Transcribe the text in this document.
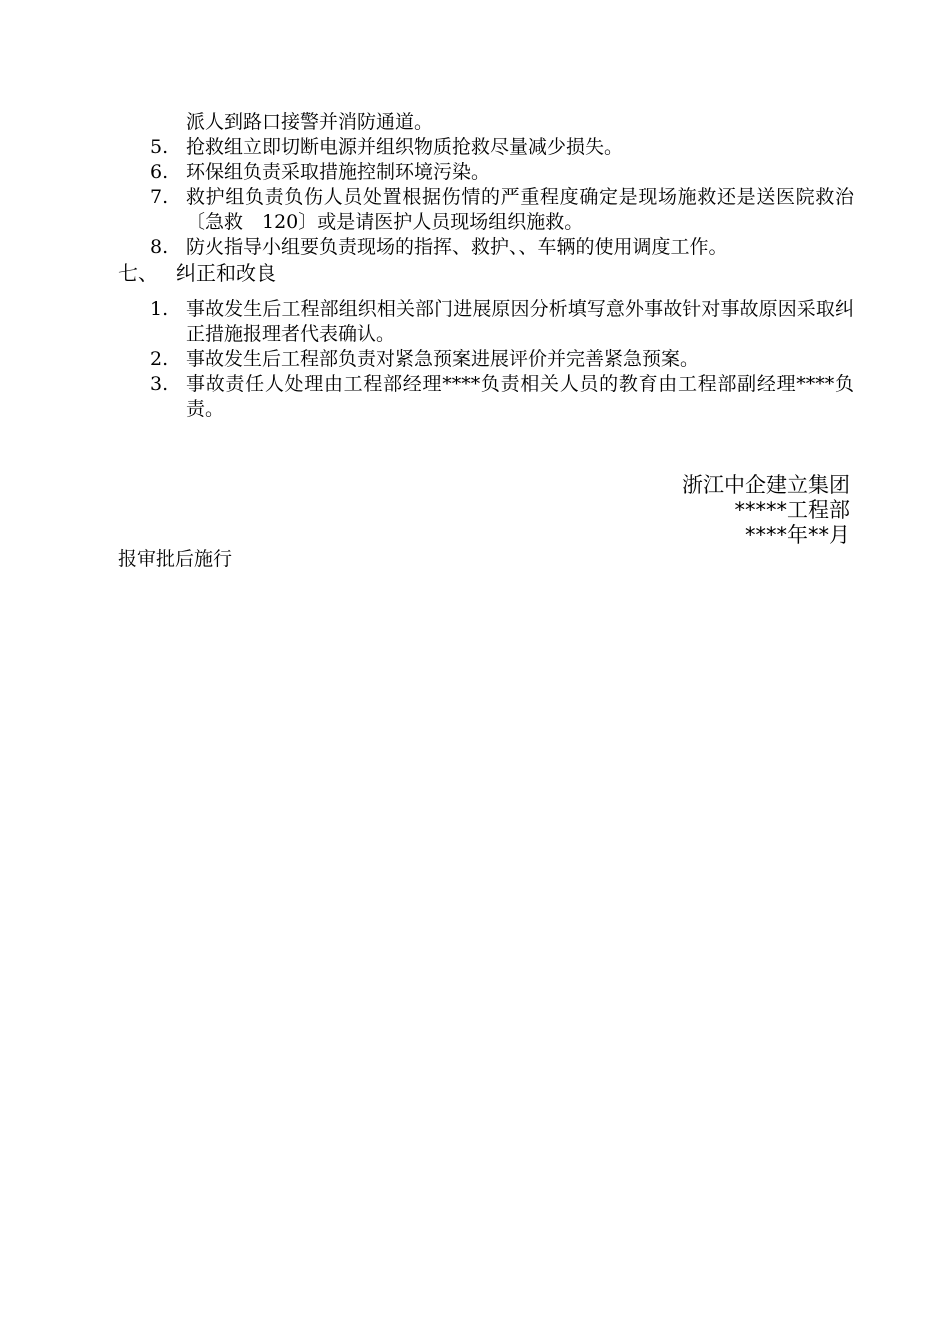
派人到路口接警并消防通道。
5. 抢救组立即切断电源并组织物质抢救尽量减少损失。
6. 环保组负责采取措施控制环境污染。
7. 救护组负责负伤人员处置根据伤情的严重程度确定是现场施救还是送医院救治〔急救　120〕或是请医护人员现场组织施救。
8. 防火指导小组要负责现场的指挥、救护、、车辆的使用调度工作。
七、 纠正和改良
1. 事故发生后工程部组织相关部门进展原因分析填写意外事故针对事故原因采取纠正措施报理者代表确认。
2. 事故发生后工程部负责对紧急预案进展评价并完善紧急预案。
3. 事故责任人处理由工程部经理****负责相关人员的教育由工程部副经理****负责。
浙江中企建立集团
*****工程部
****年**月
报审批后施行
